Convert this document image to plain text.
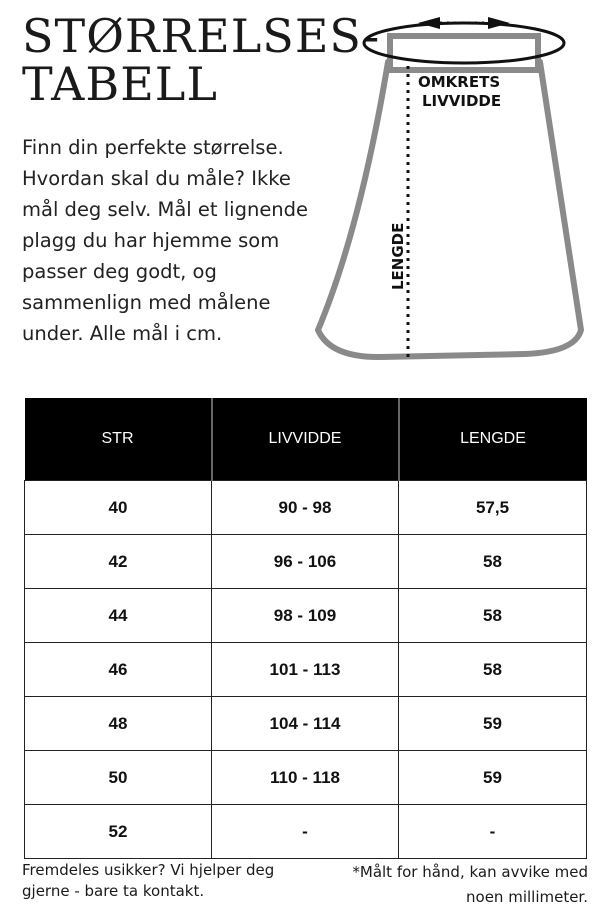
STØRRELSES-
TABELL

Finn din perfekte størrelse. Hvordan skal du måle? Ikke mål deg selv. Mål et lignende plagg du har hjemme som passer deg godt, og sammenlign med målene under. Alle mål i cm.

OMKRETS
LIVVIDDE
LENGDE
STR	LIVVIDDE	LENGDE
40	90 - 98	57,5
42	96 - 106	58
44	98 - 109	58
46	101 - 113	58
48	104 - 114	59
50	110 - 118	59
52	-	-

Fremdeles usikker? Vi hjelper deg gjerne - bare ta kontakt.

*Målt for hånd, kan avvike med noen millimeter.
